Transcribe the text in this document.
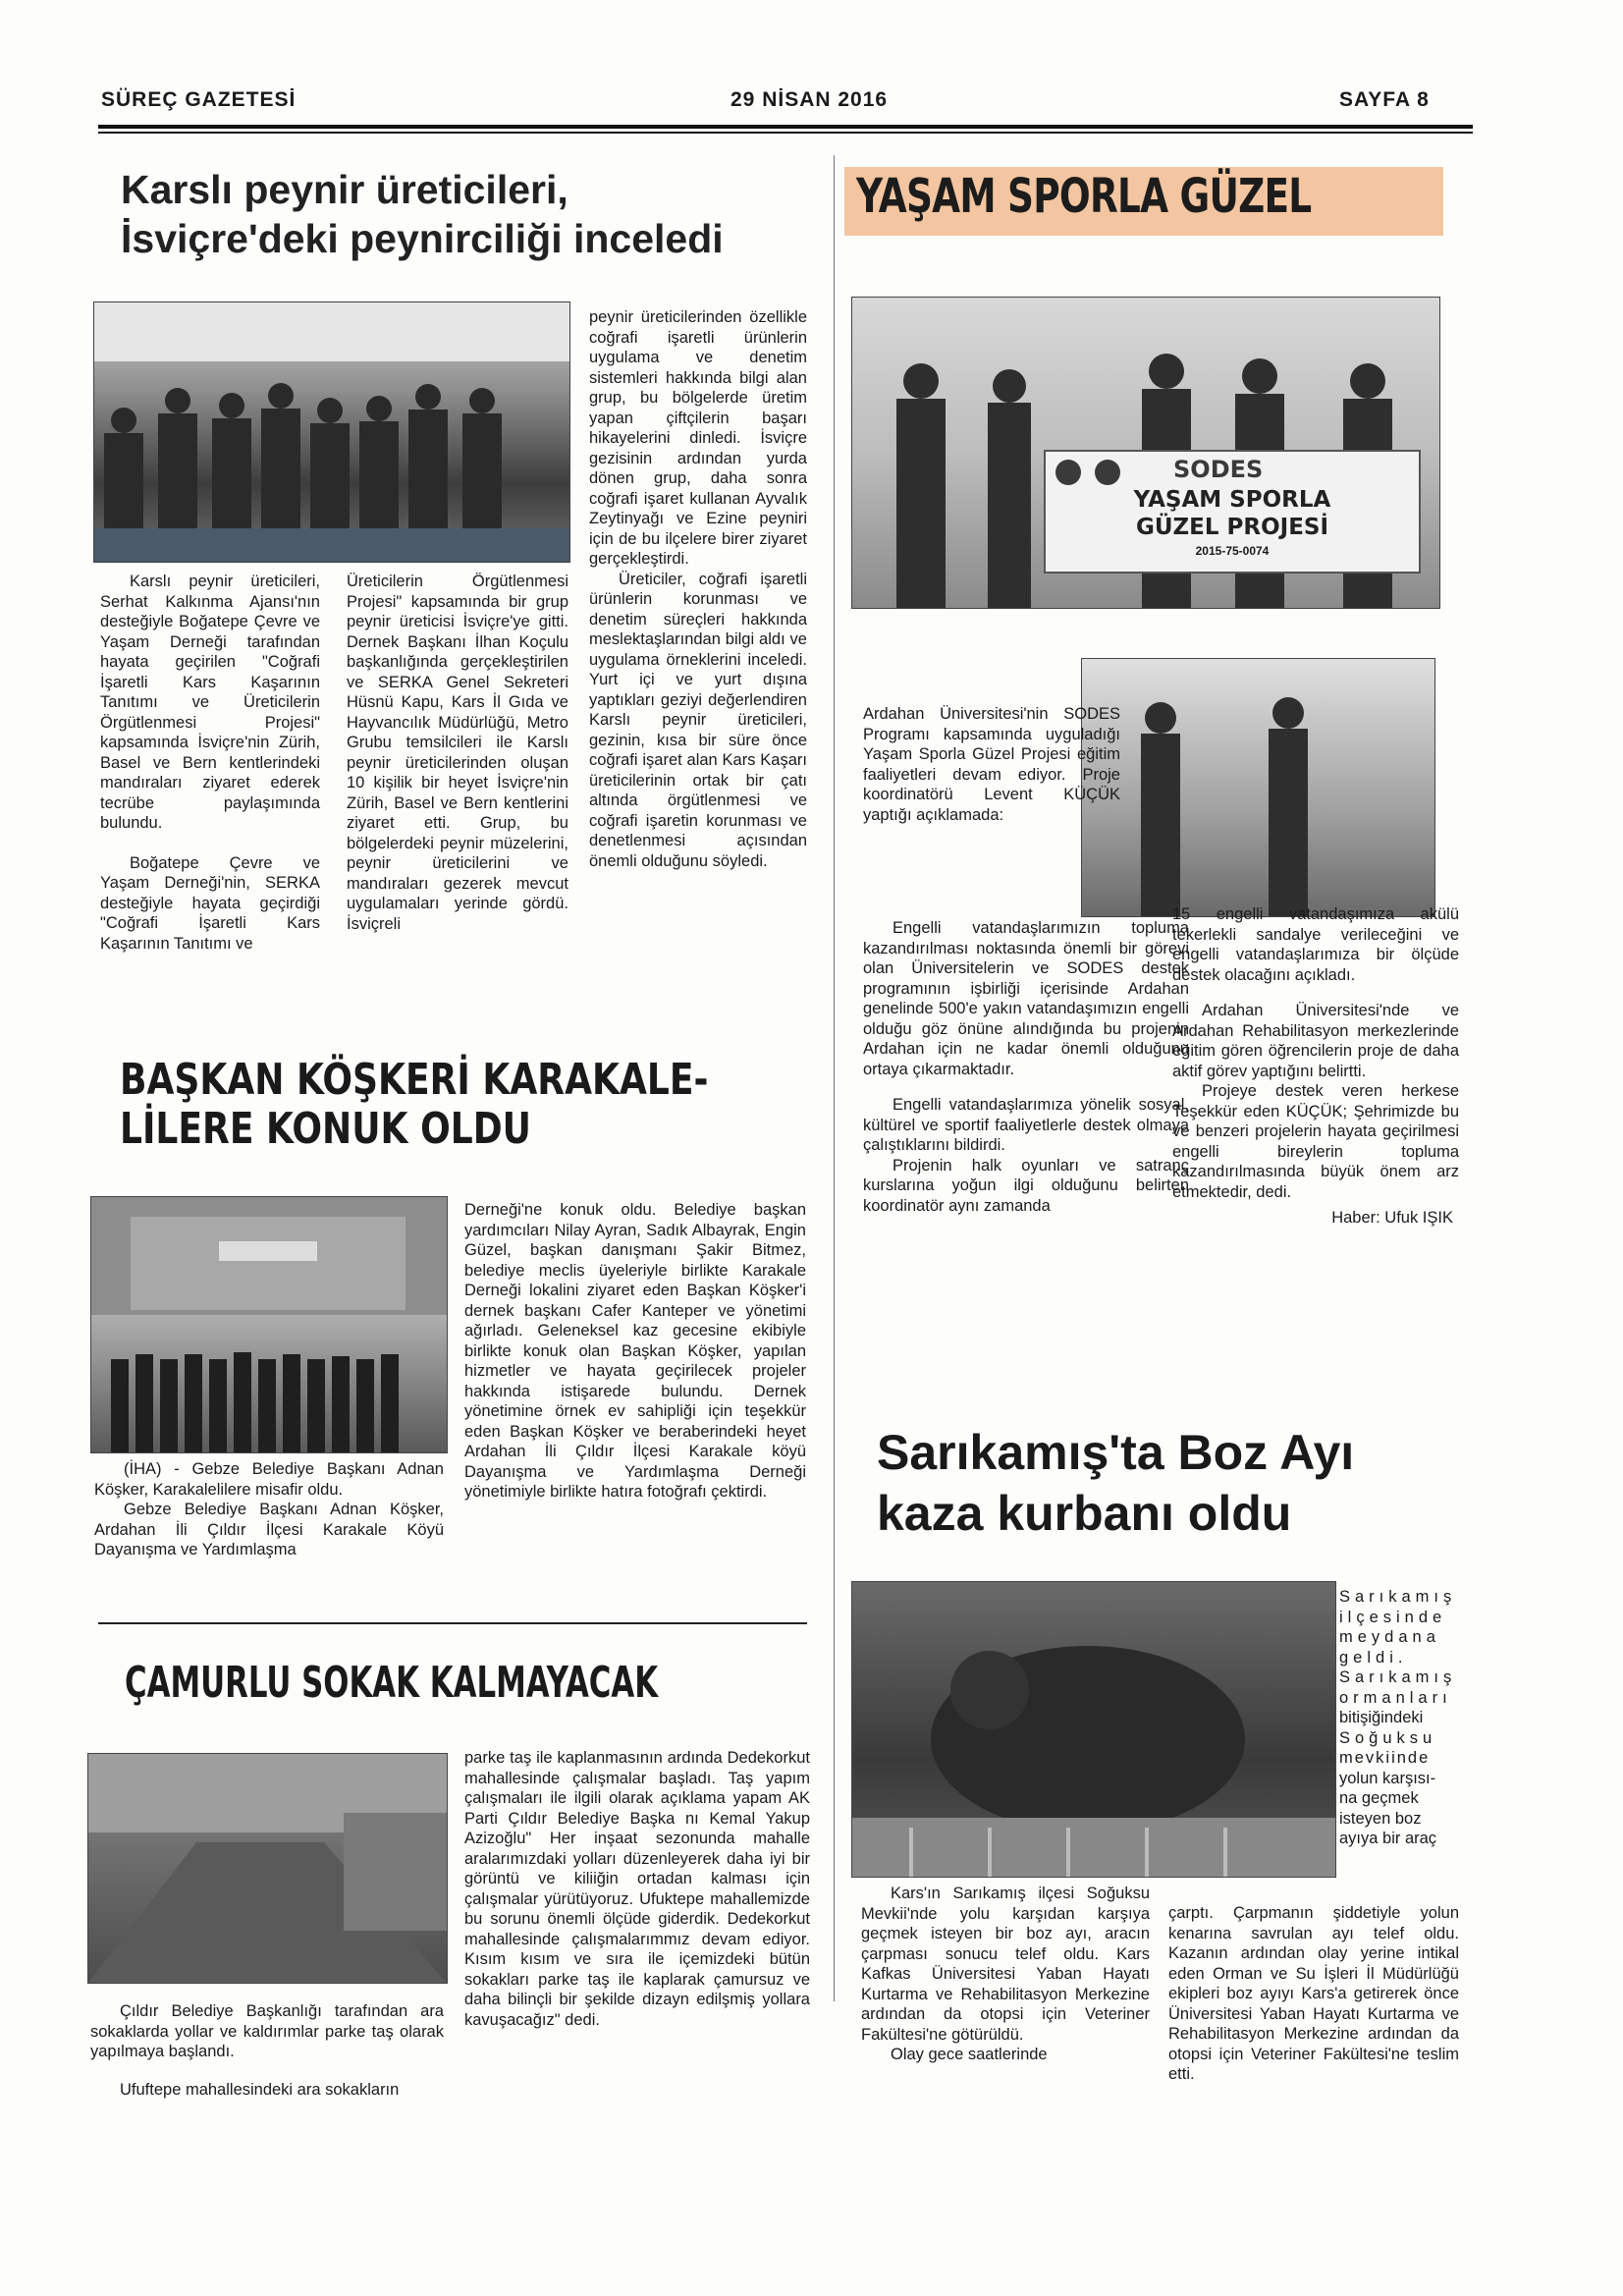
SÜREÇ GAZETESİ	29 NİSAN 2016	SAYFA 8
Karslı peynir üreticileri,
İsviçre'deki peynirciliği inceledi

Karslı peynir üreticileri, Serhat Kalkınma Ajansı'nın desteğiyle Boğatepe Çevre ve Yaşam Derneği tarafından hayata geçirilen "Coğrafi İşaretli Kars Kaşarının Tanıtımı ve Üreticilerin Örgütlenmesi Projesi" kapsamında İsviçre'nin Zürih, Basel ve Bern kentlerindeki mandıraları ziyaret ederek tecrübe paylaşımında bulundu.

Boğatepe Çevre ve Yaşam Derneği'nin, SERKA desteğiyle hayata geçirdiği "Coğrafi İşaretli Kars Kaşarının Tanıtımı ve

Üreticilerin Örgütlenmesi Projesi" kapsamında bir grup peynir üreticisi İsviçre'ye gitti. Dernek Başkanı İlhan Koçulu başkanlığında gerçekleştirilen ve SERKA Genel Sekreteri Hüsnü Kapu, Kars İl Gıda ve Hayvancılık Müdürlüğü, Metro Grubu temsilcileri ile Karslı peynir üreticilerinden oluşan 10 kişilik bir heyet İsviçre'nin Zürih, Basel ve Bern kentlerini ziyaret etti. Grup, bu bölgelerdeki peynir müzelerini, peynir üreticilerini ve mandıraları gezerek mevcut uygulamaları yerinde gördü. İsviçreli

peynir üreticilerinden özellikle coğrafi işaretli ürünlerin uygulama ve denetim sistemleri hakkında bilgi alan grup, bu bölgelerde üretim yapan çiftçilerin başarı hikayelerini dinledi. İsviçre gezisinin ardından yurda dönen grup, daha sonra coğrafi işaret kullanan Ayvalık Zeytinyağı ve Ezine peyniri için de bu ilçelere birer ziyaret gerçekleştirdi.

Üreticiler, coğrafi işaretli ürünlerin korunması ve denetim süreçleri hakkında meslektaşlarından bilgi aldı ve uygulama örneklerini inceledi. Yurt içi ve yurt dışına yaptıkları geziyi değerlendiren Karslı peynir üreticileri, gezinin, kısa bir süre önce coğrafi işaret alan Kars Kaşarı üreticilerinin ortak bir çatı altında örgütlenmesi ve coğrafi işaretin korunması ve denetlenmesi açısından önemli olduğunu söyledi.

YAŞAM SPORLA GÜZEL
SODES
YAŞAM SPORLA
GÜZEL PROJESİ
2015-75-0074

Ardahan Üniversitesi'nin SODES Programı kapsamında uyguladığı Yaşam Sporla Güzel Projesi eğitim faaliyetleri devam ediyor. Proje koordinatörü Levent KÜÇÜK yaptığı açıklamada:

Engelli vatandaşlarımızın topluma kazandırılması noktasında önemli bir görevi olan Üniversitelerin ve SODES destek programının işbirliği içerisinde Ardahan genelinde 500'e yakın vatandaşımızın engelli olduğu göz önüne alındığında bu projenin Ardahan için ne kadar önemli olduğunu ortaya çıkarmaktadır.

Engelli vatandaşlarımıza yönelik sosyal, kültürel ve sportif faaliyetlerle destek olmaya çalıştıklarını bildirdi.

Projenin halk oyunları ve satranç kurslarına yoğun ilgi olduğunu belirten koordinatör aynı zamanda

15 engelli vatandaşımıza akülü tekerlekli sandalye verileceğini ve engelli vatandaşlarımıza bir ölçüde destek olacağını açıkladı.

Ardahan Üniversitesi'nde ve Ardahan Rehabilitasyon merkezlerinde eğitim gören öğrencilerin proje de daha aktif görev yaptığını belirtti.

Projeye destek veren herkese Teşekkür eden KÜÇÜK; Şehrimizde bu ve benzeri projelerin hayata geçirilmesi engelli bireylerin topluma kazandırılmasında büyük önem arz etmektedir, dedi.

Haber: Ufuk IŞIK

BAŞKAN KÖŞKERİ KARAKALE-
LİLERE KONUK OLDU

(İHA) - Gebze Belediye Başkanı Adnan Köşker, Karakalelilere misafir oldu.

Gebze Belediye Başkanı Adnan Köşker, Ardahan İli Çıldır İlçesi Karakale Köyü Dayanışma ve Yardımlaşma

Derneği'ne konuk oldu. Belediye başkan yardımcıları Nilay Ayran, Sadık Albayrak, Engin Güzel, başkan danışmanı Şakir Bitmez, belediye meclis üyeleriyle birlikte Karakale Derneği lokalini ziyaret eden Başkan Köşker'i dernek başkanı Cafer Kanteper ve yönetimi ağırladı. Geleneksel kaz gecesine ekibiyle birlikte konuk olan Başkan Köşker, yapılan hizmetler ve hayata geçirilecek projeler hakkında istişarede bulundu. Dernek yönetimine örnek ev sahipliği için teşekkür eden Başkan Köşker ve beraberindeki heyet Ardahan İli Çıldır İlçesi Karakale köyü Dayanışma ve Yardımlaşma Derneği yönetimiyle birlikte hatıra fotoğrafı çektirdi.

ÇAMURLU SOKAK KALMAYACAK

Çıldır Belediye Başkanlığı tarafından ara sokaklarda yollar ve kaldırımlar parke taş olarak yapılmaya başlandı.

Ufuftepe mahallesindeki ara sokakların

parke taş ile kaplanmasının ardında Dedekorkut mahallesinde çalışmalar başladı. Taş yapım çalışmaları ile ilgili olarak açıklama yapam AK Parti Çıldır Belediye Başka nı Kemal Yakup Azizoğlu" Her inşaat sezonunda mahalle aralarımızdaki yolları düzenleyerek daha iyi bir görüntü ve kiliiğin ortadan kalması için çalışmalar yürütüyoruz. Ufuktepe mahallemizde bu sorunu önemli ölçüde giderdik. Dedekorkut mahallesinde çalışmalarımmız devam ediyor. Kısım kısım ve sıra ile içemizdeki bütün sokakları parke taş ile kaplarak çamursuz ve daha bilinçli bir şekilde dizayn edilşmiş yollara kavuşacağız" dedi.

Sarıkamış'ta Boz Ayı
kaza kurbanı oldu
Sarıkamış
ilçesinde
meydana
geldi.
Sarıkamış
ormanları
bitişiğindeki
Soğuksu
mevkiinde
yolun karşısı-
na geçmek
isteyen boz
ayıya bir araç

Kars'ın Sarıkamış ilçesi Soğuksu Mevkii'nde yolu karşıdan karşıya geçmek isteyen bir boz ayı, aracın çarpması sonucu telef oldu. Kars Kafkas Üniversitesi Yaban Hayatı Kurtarma ve Rehabilitasyon Merkezine ardından da otopsi için Veteriner Fakültesi'ne götürüldü.

Olay gece saatlerinde

çarptı. Çarpmanın şiddetiyle yolun kenarına savrulan ayı telef oldu. Kazanın ardından olay yerine intikal eden Orman ve Su İşleri İl Müdürlüğü ekipleri boz ayıyı Kars'a getirerek önce Üniversitesi Yaban Hayatı Kurtarma ve Rehabilitasyon Merkezine ardından da otopsi için Veteriner Fakültesi'ne teslim etti.
